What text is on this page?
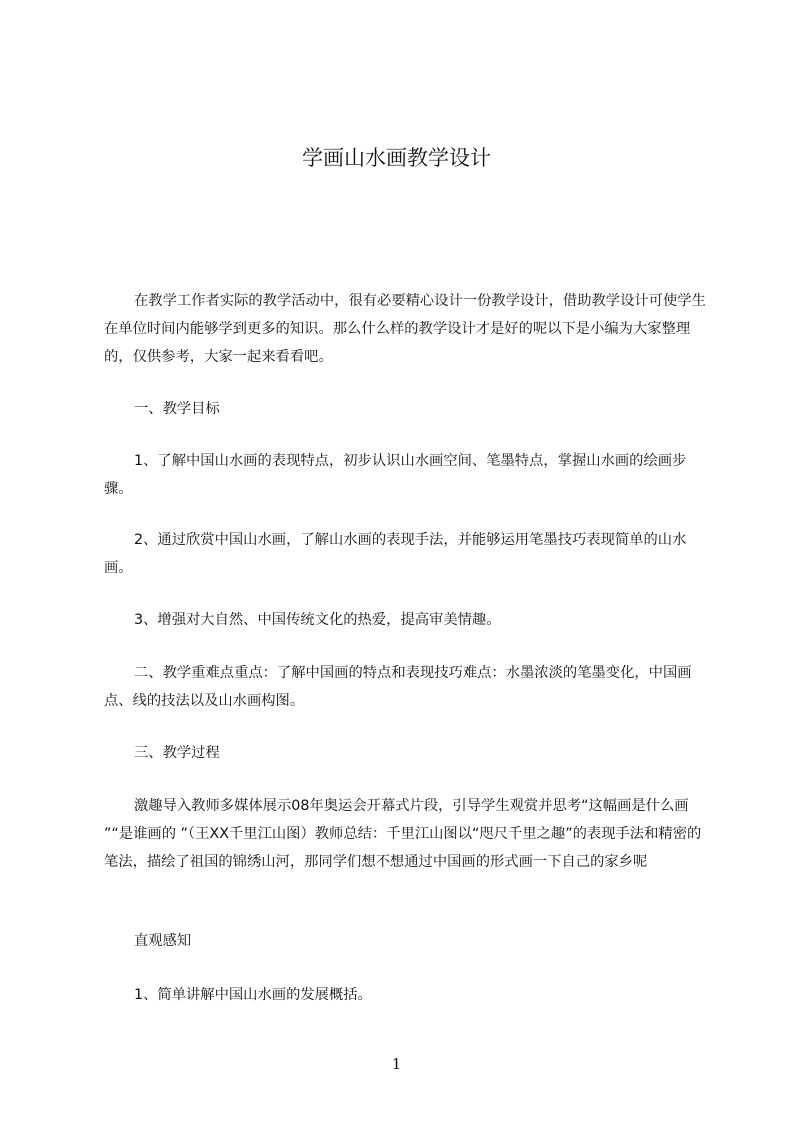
学画山水画教学设计

在教学工作者实际的教学活动中，很有必要精心设计一份教学设计，借助教学设计可使学生在单位时间内能够学到更多的知识。那么什么样的教学设计才是好的呢以下是小编为大家整理的，仅供参考，大家一起来看看吧。

一、教学目标

1、了解中国山水画的表现特点，初步认识山水画空间、笔墨特点，掌握山水画的绘画步骤。

2、通过欣赏中国山水画，了解山水画的表现手法，并能够运用笔墨技巧表现简单的山水画。

3、增强对大自然、中国传统文化的热爱，提高审美情趣。

二、教学重难点重点：了解中国画的特点和表现技巧难点：水墨浓淡的笔墨变化，中国画点、线的技法以及山水画构图。

三、教学过程

激趣导入教师多媒体展示08年奥运会开幕式片段，引导学生观赏并思考“这幅画是什么画 ”“是谁画的 ”（王XX千里江山图）教师总结：千里江山图以“咫尺千里之趣”的表现手法和精密的笔法，描绘了祖国的锦绣山河，那同学们想不想通过中国画的形式画一下自己的家乡呢

直观感知

1、简单讲解中国山水画的发展概括。

1
